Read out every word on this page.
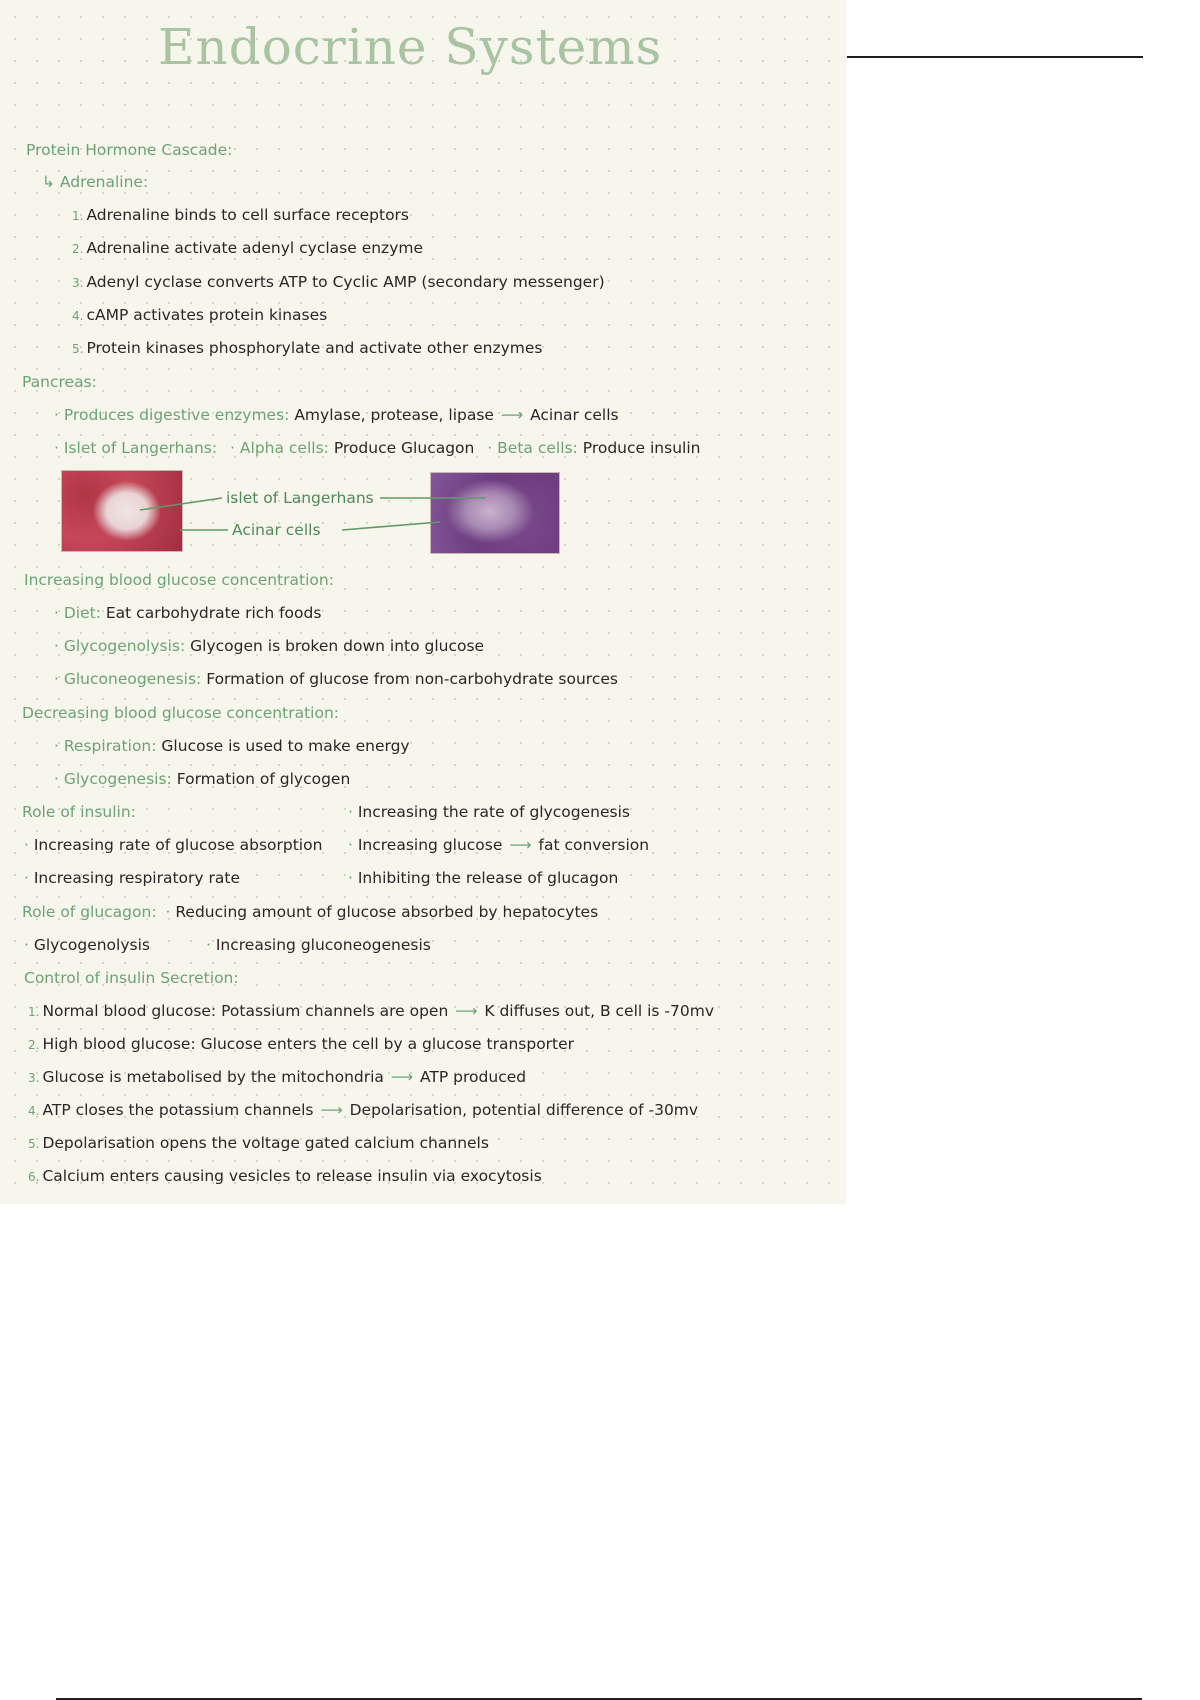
Endocrine Systems
Protein Hormone Cascade:
↳ Adrenaline:
1. Adrenaline binds to cell surface receptors
2. Adrenaline activate adenyl cyclase enzyme
3. Adenyl cyclase converts ATP to Cyclic AMP (secondary messenger)
4. cAMP activates protein kinases
5. Protein kinases phosphorylate and activate other enzymes
Pancreas:
· Produces digestive enzymes: Amylase, protease, lipase ⟶ Acinar cells
· Islet of Langerhans: · Alpha cells: Produce Glucagon · Beta cells: Produce insulin
islet of Langerhans
Acinar cells
Increasing blood glucose concentration:
· Diet: Eat carbohydrate rich foods
· Glycogenolysis: Glycogen is broken down into glucose
· Gluconeogenesis: Formation of glucose from non-carbohydrate sources
Decreasing blood glucose concentration:
· Respiration: Glucose is used to make energy
· Glycogenesis: Formation of glycogen
Role of insulin:	· Increasing the rate of glycogenesis
· Increasing rate of glucose absorption · Increasing glucose ⟶ fat conversion
· Increasing respiratory rate	· Inhibiting the release of glucagon
Role of glucagon: · Reducing amount of glucose absorbed by hepatocytes
· Glycogenolysis	· Increasing gluconeogenesis
Control of insulin Secretion:
1. Normal blood glucose: Potassium channels are open ⟶ K diffuses out, B cell is -70mv
2. High blood glucose: Glucose enters the cell by a glucose transporter
3. Glucose is metabolised by the mitochondria ⟶ ATP produced
4. ATP closes the potassium channels ⟶ Depolarisation, potential difference of -30mv
5. Depolarisation opens the voltage gated calcium channels
6. Calcium enters causing vesicles to release insulin via exocytosis
